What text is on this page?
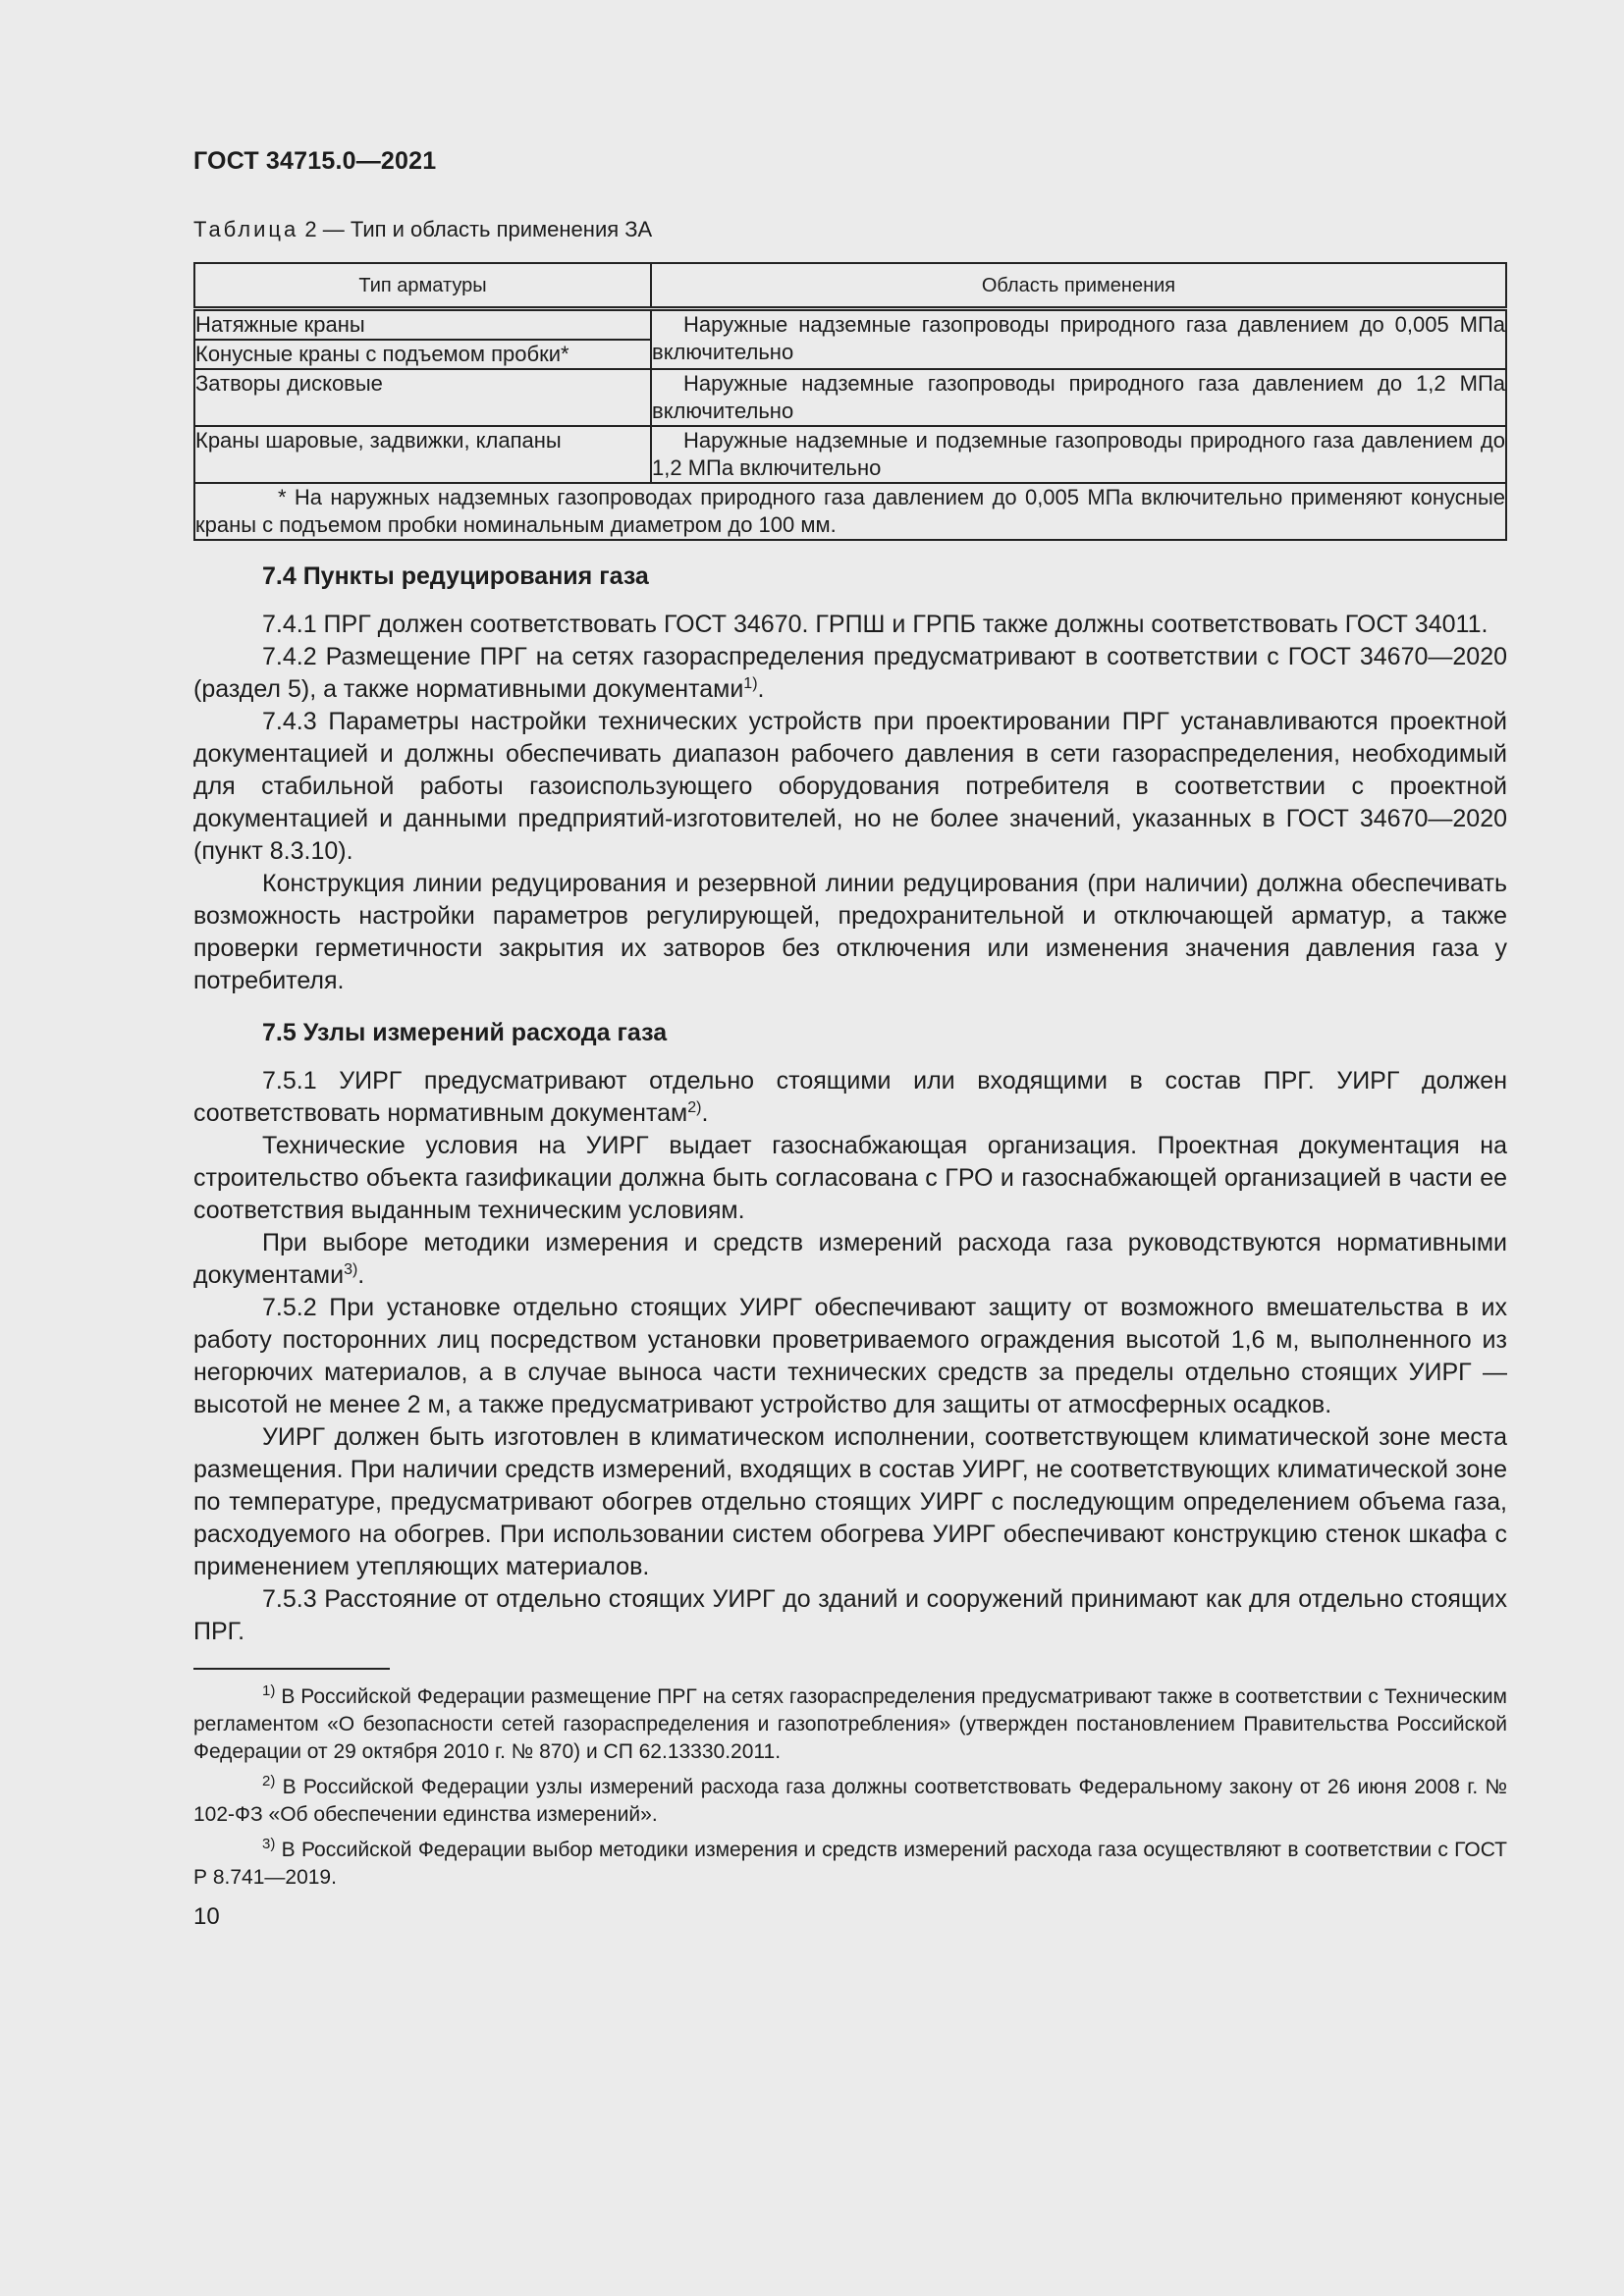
ГОСТ 34715.0—2021
Таблица 2 — Тип и область применения ЗА
Тип арматуры	Область применения
Натяжные краны	Наружные надземные газопроводы природного газа давлением до 0,005 МПа включительно
Конусные краны с подъемом пробки*	
Затворы дисковые	Наружные надземные газопроводы природного газа давлением до 1,2 МПа включительно
Краны шаровые, задвижки, клапаны	Наружные надземные и подземные газопроводы природного газа давлением до 1,2 МПа включительно
* На наружных надземных газопроводах природного газа давлением до 0,005 МПа включительно применяют конусные краны с подъемом пробки номинальным диаметром до 100 мм.	
7.4 Пункты редуцирования газа

7.4.1 ПРГ должен соответствовать ГОСТ 34670. ГРПШ и ГРПБ также должны соответствовать ГОСТ 34011.

7.4.2 Размещение ПРГ на сетях газораспределения предусматривают в соответствии с ГОСТ 34670—2020 (раздел 5), а также нормативными документами$^{1)}$.

7.4.3 Параметры настройки технических устройств при проектировании ПРГ устанавливаются проектной документацией и должны обеспечивать диапазон рабочего давления в сети газораспределения, необходимый для стабильной работы газоиспользующего оборудования потребителя в соответствии с проектной документацией и данными предприятий-изготовителей, но не более значений, указанных в ГОСТ 34670—2020 (пункт 8.3.10).

Конструкция линии редуцирования и резервной линии редуцирования (при наличии) должна обеспечивать возможность настройки параметров регулирующей, предохранительной и отключающей арматур, а также проверки герметичности закрытия их затворов без отключения или изменения значения давления газа у потребителя.

7.5 Узлы измерений расхода газа

7.5.1 УИРГ предусматривают отдельно стоящими или входящими в состав ПРГ. УИРГ должен соответствовать нормативным документам$^{2)}$.

Технические условия на УИРГ выдает газоснабжающая организация. Проектная документация на строительство объекта газификации должна быть согласована с ГРО и газоснабжающей организацией в части ее соответствия выданным техническим условиям.

При выборе методики измерения и средств измерений расхода газа руководствуются нормативными документами$^{3)}$.

7.5.2 При установке отдельно стоящих УИРГ обеспечивают защиту от возможного вмешательства в их работу посторонних лиц посредством установки проветриваемого ограждения высотой 1,6 м, выполненного из негорючих материалов, а в случае выноса части технических средств за пределы отдельно стоящих УИРГ — высотой не менее 2 м, а также предусматривают устройство для защиты от атмосферных осадков.

УИРГ должен быть изготовлен в климатическом исполнении, соответствующем климатической зоне места размещения. При наличии средств измерений, входящих в состав УИРГ, не соответствующих климатической зоне по температуре, предусматривают обогрев отдельно стоящих УИРГ с последующим определением объема газа, расходуемого на обогрев. При использовании систем обогрева УИРГ обеспечивают конструкцию стенок шкафа с применением утепляющих материалов.

7.5.3 Расстояние от отдельно стоящих УИРГ до зданий и сооружений принимают как для отдельно стоящих ПРГ.

$^{1)}$ В Российской Федерации размещение ПРГ на сетях газораспределения предусматривают также в соответствии с Техническим регламентом «О безопасности сетей газораспределения и газопотребления» (утвержден постановлением Правительства Российской Федерации от 29 октября 2010 г. № 870) и СП 62.13330.2011.

$^{2)}$ В Российской Федерации узлы измерений расхода газа должны соответствовать Федеральному закону от 26 июня 2008 г. № 102-ФЗ «Об обеспечении единства измерений».

$^{3)}$ В Российской Федерации выбор методики измерения и средств измерений расхода газа осуществляют в соответствии с ГОСТ Р 8.741—2019.

10
